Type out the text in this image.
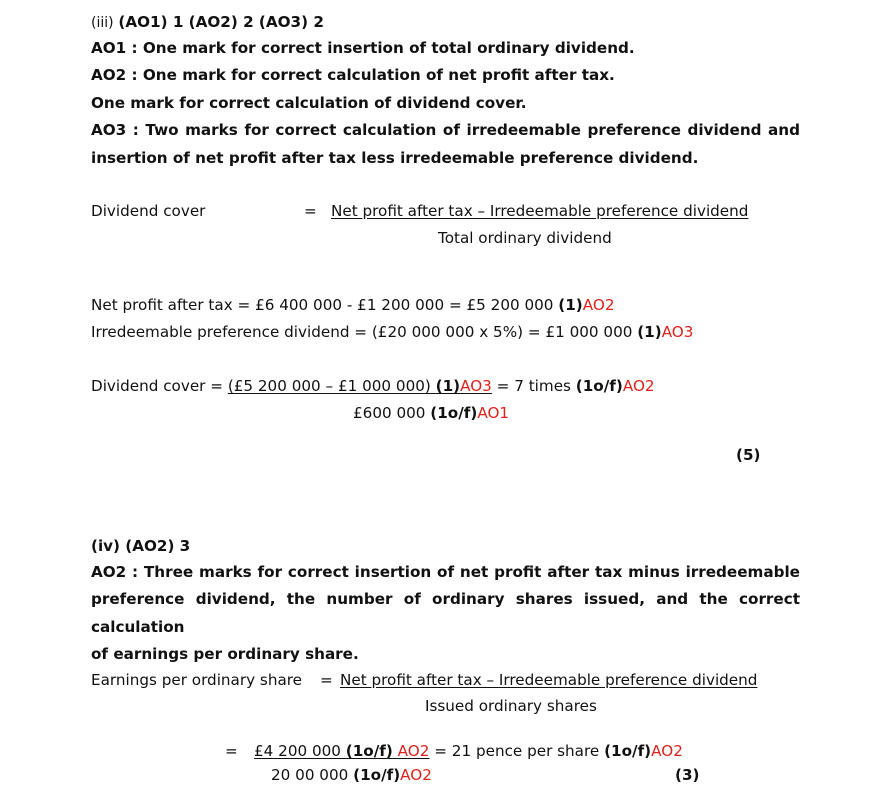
(iii) (AO1) 1 (AO2) 2 (AO3) 2
AO1 : One mark for correct insertion of total ordinary dividend.
AO2 : One mark for correct calculation of net profit after tax.
One mark for correct calculation of dividend cover.
AO3 : Two marks for correct calculation of irredeemable preference dividend and
insertion of net profit after tax less irredeemable preference dividend.
Dividend cover	= Net profit after tax – Irredeemable preference dividend
Total ordinary dividend
Net profit after tax = £6 400 000 - £1 200 000 = £5 200 000 (1)AO2
Irredeemable preference dividend = (£20 000 000 x 5%) = £1 000 000 (1)AO3
Dividend cover = (£5 200 000 – £1 000 000) (1)AO3 = 7 times (1o/f)AO2
£600 000 (1o/f)AO1
(5)
(iv) (AO2) 3
AO2 : Three marks for correct insertion of net profit after tax minus irredeemable
preference dividend, the number of ordinary shares issued, and the correct calculation
of earnings per ordinary share.
Earnings per ordinary share = Net profit after tax – Irredeemable preference dividend
Issued ordinary shares
= £4 200 000 (1o/f) AO2 = 21 pence per share (1o/f)AO2
20 00 000 (1o/f)AO2	(3)
